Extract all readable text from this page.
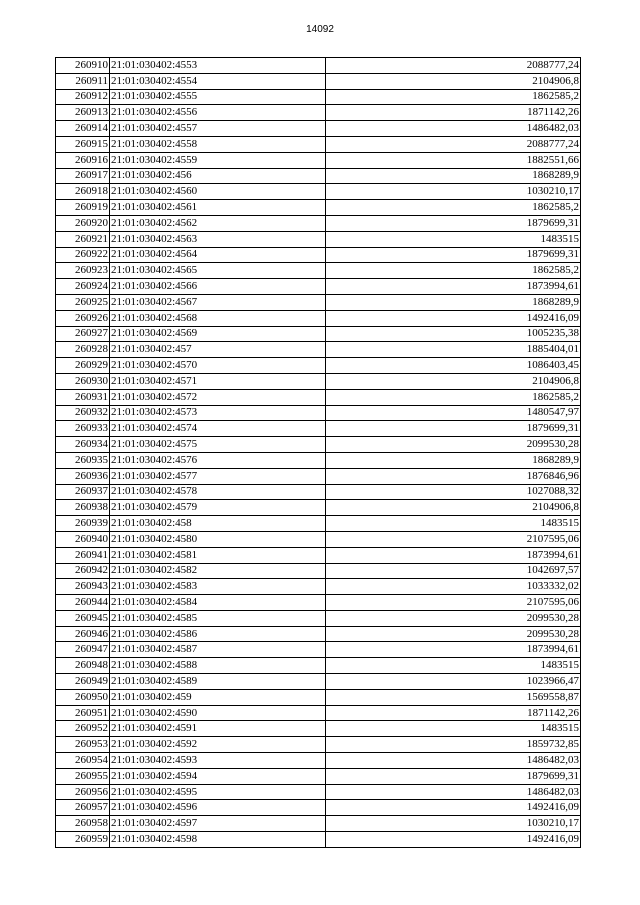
14092
260910	21:01:030402:4553	2088777,24
260911	21:01:030402:4554	2104906,8
260912	21:01:030402:4555	1862585,2
260913	21:01:030402:4556	1871142,26
260914	21:01:030402:4557	1486482,03
260915	21:01:030402:4558	2088777,24
260916	21:01:030402:4559	1882551,66
260917	21:01:030402:456	1868289,9
260918	21:01:030402:4560	1030210,17
260919	21:01:030402:4561	1862585,2
260920	21:01:030402:4562	1879699,31
260921	21:01:030402:4563	1483515
260922	21:01:030402:4564	1879699,31
260923	21:01:030402:4565	1862585,2
260924	21:01:030402:4566	1873994,61
260925	21:01:030402:4567	1868289,9
260926	21:01:030402:4568	1492416,09
260927	21:01:030402:4569	1005235,38
260928	21:01:030402:457	1885404,01
260929	21:01:030402:4570	1086403,45
260930	21:01:030402:4571	2104906,8
260931	21:01:030402:4572	1862585,2
260932	21:01:030402:4573	1480547,97
260933	21:01:030402:4574	1879699,31
260934	21:01:030402:4575	2099530,28
260935	21:01:030402:4576	1868289,9
260936	21:01:030402:4577	1876846,96
260937	21:01:030402:4578	1027088,32
260938	21:01:030402:4579	2104906,8
260939	21:01:030402:458	1483515
260940	21:01:030402:4580	2107595,06
260941	21:01:030402:4581	1873994,61
260942	21:01:030402:4582	1042697,57
260943	21:01:030402:4583	1033332,02
260944	21:01:030402:4584	2107595,06
260945	21:01:030402:4585	2099530,28
260946	21:01:030402:4586	2099530,28
260947	21:01:030402:4587	1873994,61
260948	21:01:030402:4588	1483515
260949	21:01:030402:4589	1023966,47
260950	21:01:030402:459	1569558,87
260951	21:01:030402:4590	1871142,26
260952	21:01:030402:4591	1483515
260953	21:01:030402:4592	1859732,85
260954	21:01:030402:4593	1486482,03
260955	21:01:030402:4594	1879699,31
260956	21:01:030402:4595	1486482,03
260957	21:01:030402:4596	1492416,09
260958	21:01:030402:4597	1030210,17
260959	21:01:030402:4598	1492416,09
